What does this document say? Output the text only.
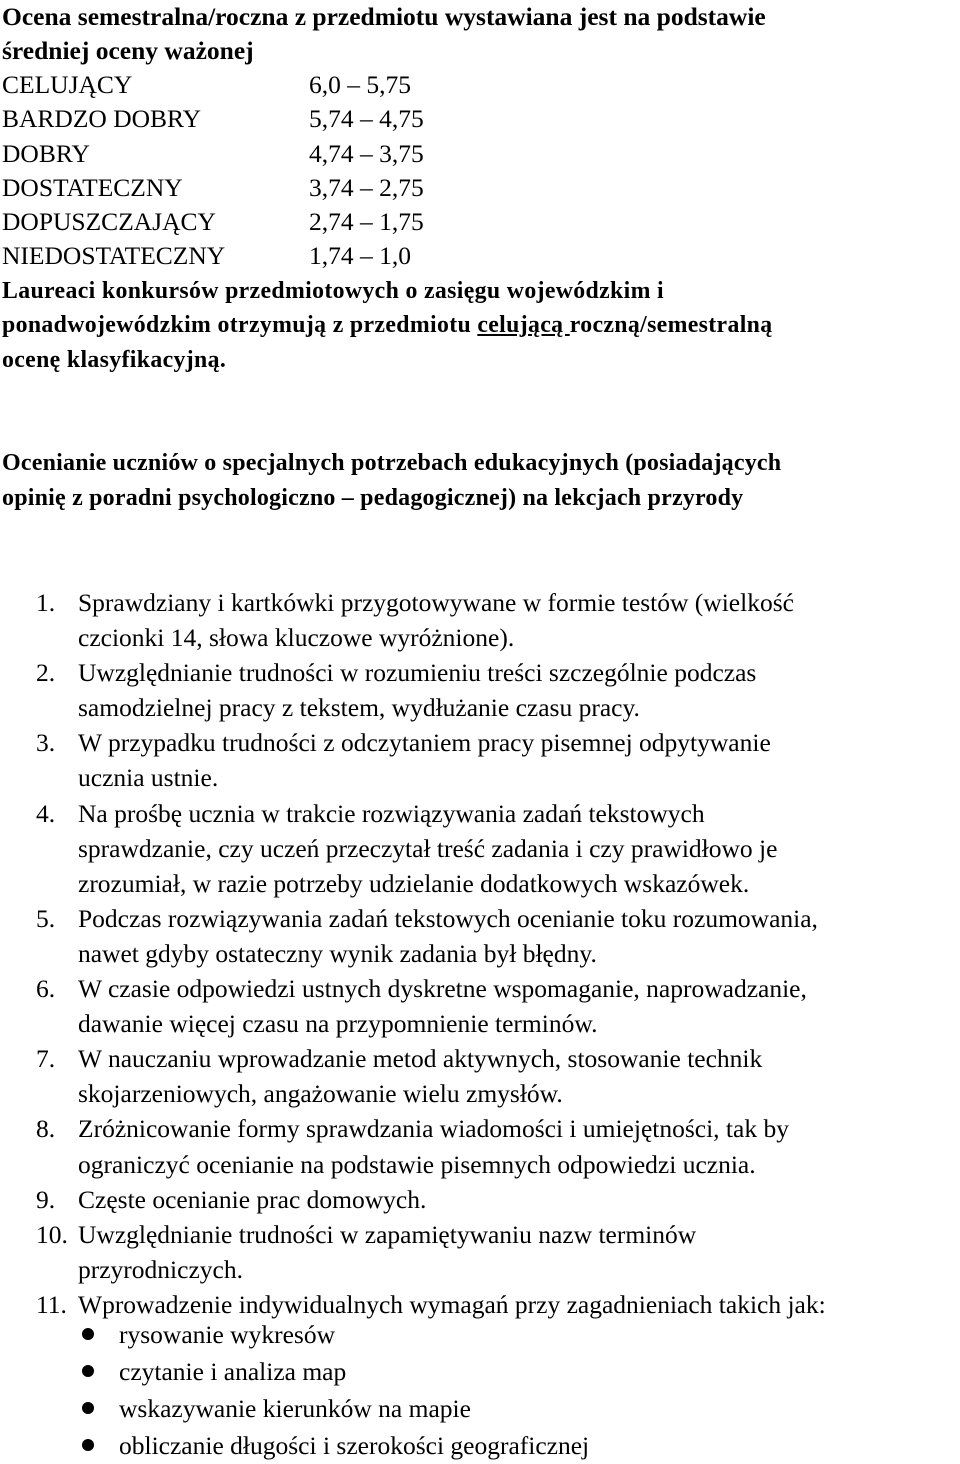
Ocena semestralna/roczna z przedmiotu wystawiana jest na podstawie
średniej oceny ważonej

CELUJĄCY	6,0 – 5,75
BARDZO DOBRY	5,74 – 4,75
DOBRY	4,74 – 3,75
DOSTATECZNY	3,74 – 2,75
DOPUSZCZAJĄCY	2,74 – 1,75
NIEDOSTATECZNY	1,74 – 1,0

Laureaci konkursów przedmiotowych o zasięgu wojewódzkim i
ponadwojewódzkim otrzymują z przedmiotu celującą roczną/semestralną
ocenę klasyfikacyjną.

Ocenianie uczniów o specjalnych potrzebach edukacyjnych (posiadających
opinię z poradni psychologiczno – pedagogicznej) na lekcjach przyrody

1. Sprawdziany i kartkówki przygotowywane w formie testów (wielkość
czcionki 14, słowa kluczowe wyróżnione).
2. Uwzględnianie trudności w rozumieniu treści szczególnie podczas
samodzielnej pracy z tekstem, wydłużanie czasu pracy.
3. W przypadku trudności z odczytaniem pracy pisemnej odpytywanie
ucznia ustnie.
4. Na prośbę ucznia w trakcie rozwiązywania zadań tekstowych
sprawdzanie, czy uczeń przeczytał treść zadania i czy prawidłowo je
zrozumiał, w razie potrzeby udzielanie dodatkowych wskazówek.
5. Podczas rozwiązywania zadań tekstowych ocenianie toku rozumowania,
nawet gdyby ostateczny wynik zadania był błędny.
6. W czasie odpowiedzi ustnych dyskretne wspomaganie, naprowadzanie,
dawanie więcej czasu na przypomnienie terminów.
7. W nauczaniu wprowadzanie metod aktywnych, stosowanie technik
skojarzeniowych, angażowanie wielu zmysłów.
8. Zróżnicowanie formy sprawdzania wiadomości i umiejętności, tak by
ograniczyć ocenianie na podstawie pisemnych odpowiedzi ucznia.
9. Częste ocenianie prac domowych.
10. Uwzględnianie trudności w zapamiętywaniu nazw terminów
przyrodniczych.
11. Wprowadzenie indywidualnych wymagań przy zagadnieniach takich jak:
rysowanie wykresów
czytanie i analiza map
wskazywanie kierunków na mapie
obliczanie długości i szerokości geograficznej
